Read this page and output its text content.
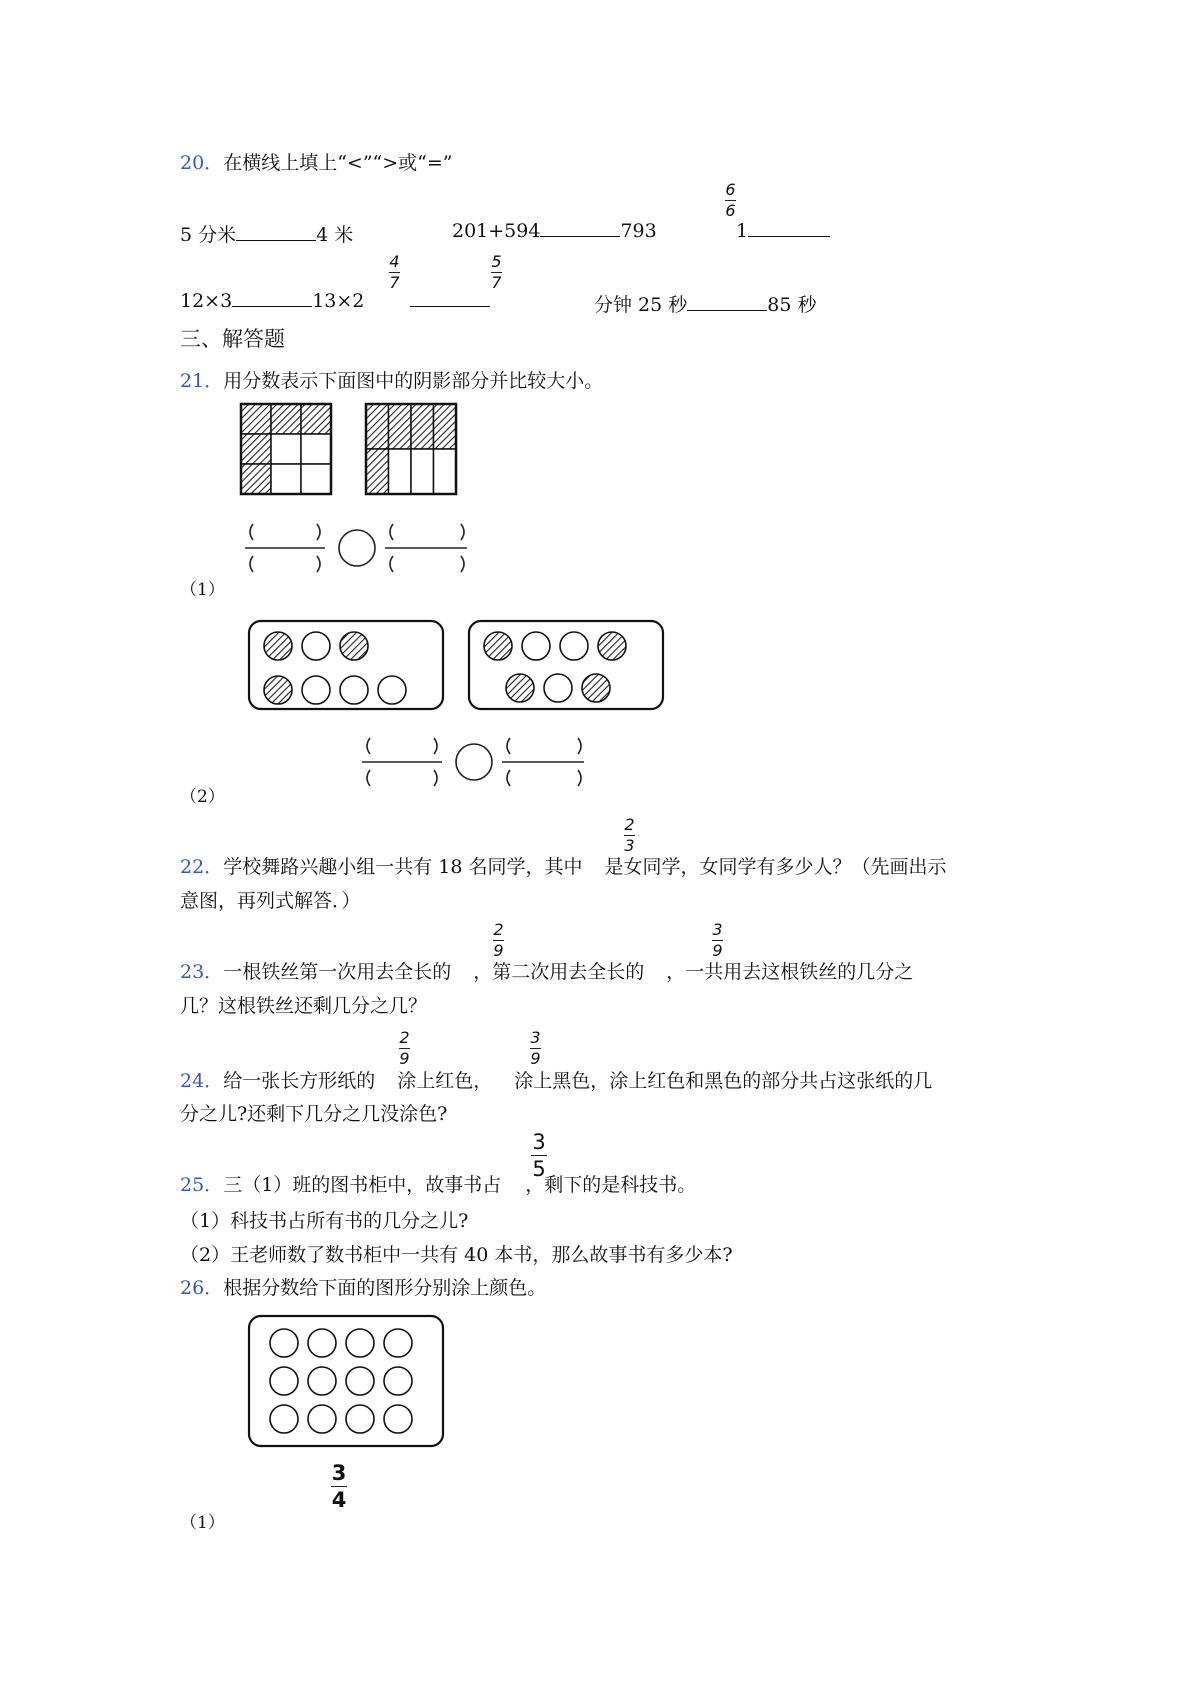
20．在横线上填上“<”“>或“=”
5 分米	4 米	201+594	793
6
6
1
12×3	13×2
4
7
5
7
分钟 25 秒	85 秒
三、解答题
21．用分数表示下面图中的阴影部分并比较大小。
（1）
（2）
2
3
22．学校舞路兴趣小组一共有 18 名同学，其中 是女同学，女同学有多少人？（先画出示
意图，再列式解答．）
2
9
3
9
23．一根铁丝第一次用去全长的 ，第二次用去全长的 ，一共用去这根铁丝的几分之
几？这根铁丝还剩几分之几？
2
9
3
9
24．给一张长方形纸的 涂上红色， 涂上黑色，涂上红色和黑色的部分共占这张纸的几
分之儿?还剩下几分之几没涂色?
3
5
25．三（1）班的图书柜中，故事书占 ，剩下的是科技书。
（1）科技书占所有书的几分之儿?
（2）王老师数了数书柜中一共有 40 本书，那么故事书有多少本?
26．根据分数给下面的图形分别涂上颜色。
3
4
（1）
